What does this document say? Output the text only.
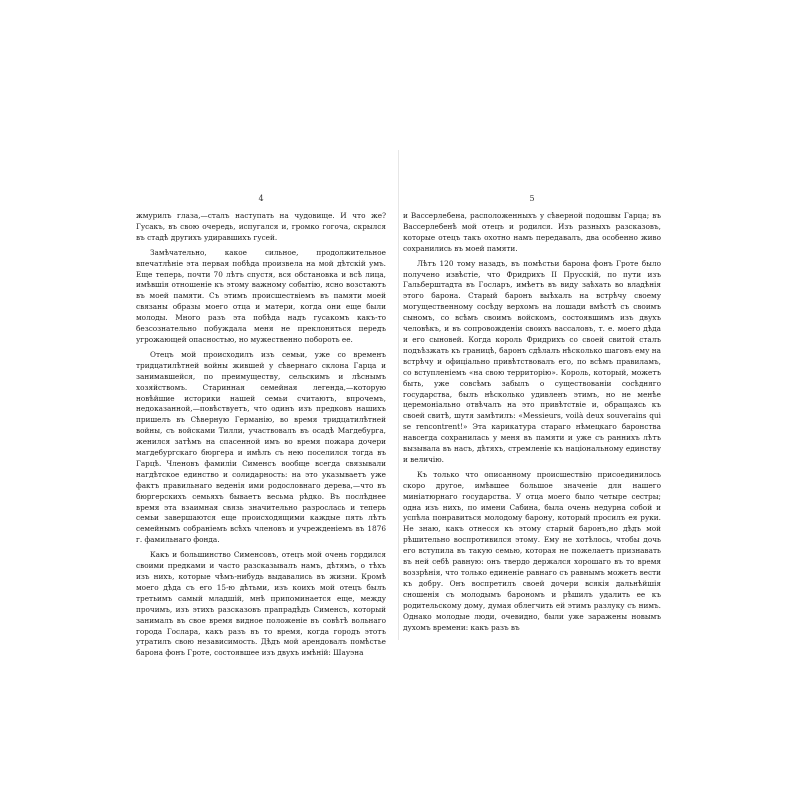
4

жмурилъ глаза,—сталъ наступать на чудовище. И что же? Гусакъ, въ свою очередь, испугался и, громко гогоча, скрылся въ стадѣ другихъ удиравшихъ гусей.

Замѣчательно, какое сильное, продолжительное впечатлѣніе эта первая побѣда произвела на мой дѣтскій умъ. Еще теперь, почти 70 лѣтъ спустя, вся обстановка и всѣ лица, имѣвшія отношеніе къ этому важному событію, ясно возстаютъ въ моей памяти. Съ этимъ происшествіемъ въ памяти моей связаны образы моего отца и матери, когда они еще были молоды. Много разъ эта побѣда надъ гусакомъ какъ-то безсознательно побуждала меня не преклоняться передъ угрожающей опасностью, но мужественно побороть ее.

Отецъ мой происходилъ изъ семьи, уже со временъ тридцатилѣтней войны жившей у сѣвернаго склона Гарца и занимавшейся, по преимуществу, сельскимъ и лѣснымъ хозяйствомъ. Старинная семейная легенда,—которую новѣйшие историки нашей семьи считаютъ, впрочемъ, недоказанной,—повѣствуетъ, что одинъ изъ предковъ нашихъ пришелъ въ Сѣверную Германію, во время тридцатилѣтней войны, съ войсками Тилли, участвовалъ въ осадѣ Магдебурга, женился затѣмъ на спасенной имъ во время пожара дочери магдебургскаго бюргера и имѣлъ съ нею поселился тогда въ Гарцѣ. Членовъ фамиліи Сименсъ вообще всегда связывали нагдѣтское единство и солидарность: на это указываетъ уже фактъ правильнаго веденія ими родословнаго дерева,—что въ бюргерскихъ семьяхъ бываетъ весьма рѣдко. Въ послѣднее время эта взаимная связь значительно разрослаcь и теперь семьи завершаются еще происходящими каждые пять лѣтъ семейнымъ собраніемъ всѣхъ членовъ и учрежденіемъ въ 1876 г. фамильнаго фонда.

Какъ и большинство Сименсовъ, отецъ мой очень гордился своими предками и часто разсказывалъ намъ, дѣтямъ, о тѣхъ изъ нихъ, которые чѣмъ-нибудь выдавались въ жизни. Кромѣ моего дѣда съ его 15-ю дѣтьми, изъ коихъ мой отецъ былъ третьимъ самый младшій, мнѣ припоминается еще, между прочимъ, изъ этихъ разсказовъ прапрадѣдъ Сименсъ, который занималъ въ свое время видное положеніе въ совѣтѣ вольнаго города Гослара, какъ разъ въ то время, когда городъ этотъ утратилъ свою независимость. Дѣдъ мой арендовалъ помѣстье барона фонъ Гроте, состоявшее изъ двухъ имѣній: Шауэна

5

и Вассерлебена, расположенныхъ у сѣверной подошвы Гарца; въ Вассерлебенѣ мой отецъ и родился. Изъ разныхъ разсказовъ, которые отецъ такъ охотно намъ передавалъ, два особенно живо сохранились въ моей памяти.

Лѣтъ 120 тому назадъ, въ помѣстьи барона фонъ Гроте было получено извѣстіе, что Фридрихъ II Прусскій, по пути изъ Гальберштадта въ Госларъ, имѣетъ въ виду заѣхать во владѣнія этого барона. Старый баронъ выѣхалъ на встрѣчу своему могущественному сосѣду верхомъ на лошади вмѣстѣ съ своимъ сыномъ, со всѣмъ своимъ войскомъ, состоявшимъ изъ двухъ человѣкъ, и въ сопровожденіи своихъ вассаловъ, т. е. моего дѣда и его сыновей. Когда король Фридрихъ со своей свитой сталъ подъѣзжать къ границѣ, баронъ сдѣлалъ нѣсколько шаговъ ему на встрѣчу и офиціально привѣтствовалъ его, по всѣмъ правиламъ, со вступленіемъ «на свою территорію». Король, который, можетъ быть, уже совсѣмъ забылъ о существованіи сосѣдняго государства, былъ нѣсколько удивленъ этимъ, но не менѣе церемоніально отвѣчалъ на это привѣтствіе и, обращаясь къ своей свитѣ, шутя замѣтилъ: «Messieurs, voilà deux souverains qui se rencontrent!» Эта карикатура стараго нѣмецкаго баронства навсегда сохранилась у меня въ памяти и уже съ раннихъ лѣтъ вызывала въ насъ, дѣтяхъ, стремленіе къ національному единству и величію.

Къ только что описанному происшествію присоединилось скоро другое, имѣвшее большое значеніе для нашего миніатюрнаго государства. У отца моего было четыре сестры; одна изъ нихъ, по имени Сабина, была очень недурна собой и успѣла понравиться молодому барону, который просилъ ея руки. Не знаю, какъ отнесся къ этому старый баронъ,но дѣдъ мой рѣшительно воспротивился этому. Ему не хотѣлось, чтобы дочь его вступила въ такую семью, которая не пожелаетъ признавать въ ней себѣ равную: онъ твердо держался хорошаго въ то время воззрѣнія, что только единеніе равнаго съ равнымъ можетъ вести къ добру. Онъ воспретилъ своей дочери всякія дальнѣйшія сношенія съ молодымъ барономъ и рѣшилъ удалить ее къ родительскому дому, думая облегчить ей этимъ разлуку съ нимъ. Однако молодые люди, очевидно, были уже заражены новымъ духомъ времени: какъ разъ въ
